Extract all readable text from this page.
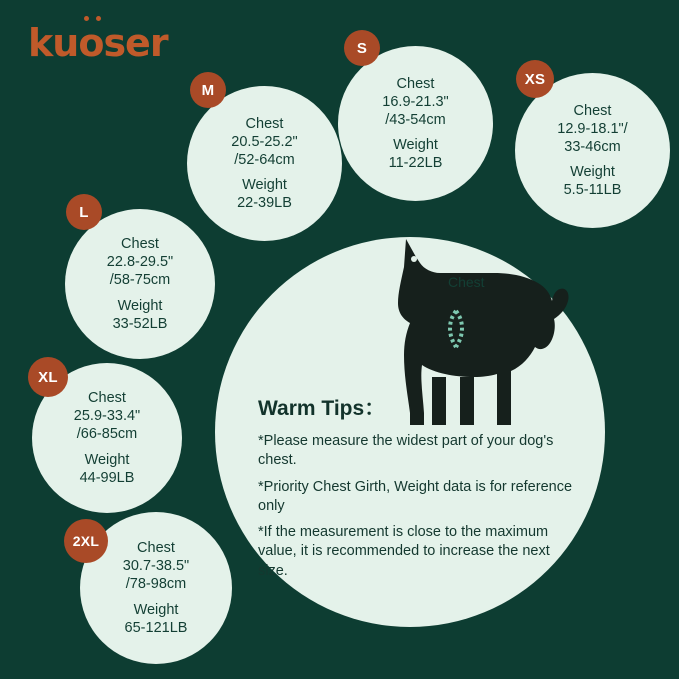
kuoser
Chest
Warm Tips：
*Please measure the widest part of your dog's chest.
*Priority Chest Girth, Weight data is for reference only
*If the measurement is close to the maximum value, it is recommended to increase the next size.
Chest
16.9-21.3"
/43-54cm
Weight
11-22LB
S
Chest
20.5-25.2"
/52-64cm
Weight
22-39LB
M
Chest
12.9-18.1"/
33-46cm
Weight
5.5-11LB
XS
Chest
22.8-29.5"
/58-75cm
Weight
33-52LB
L
Chest
25.9-33.4"
/66-85cm
Weight
44-99LB
XL
Chest
30.7-38.5"
/78-98cm
Weight
65-121LB
2XL
